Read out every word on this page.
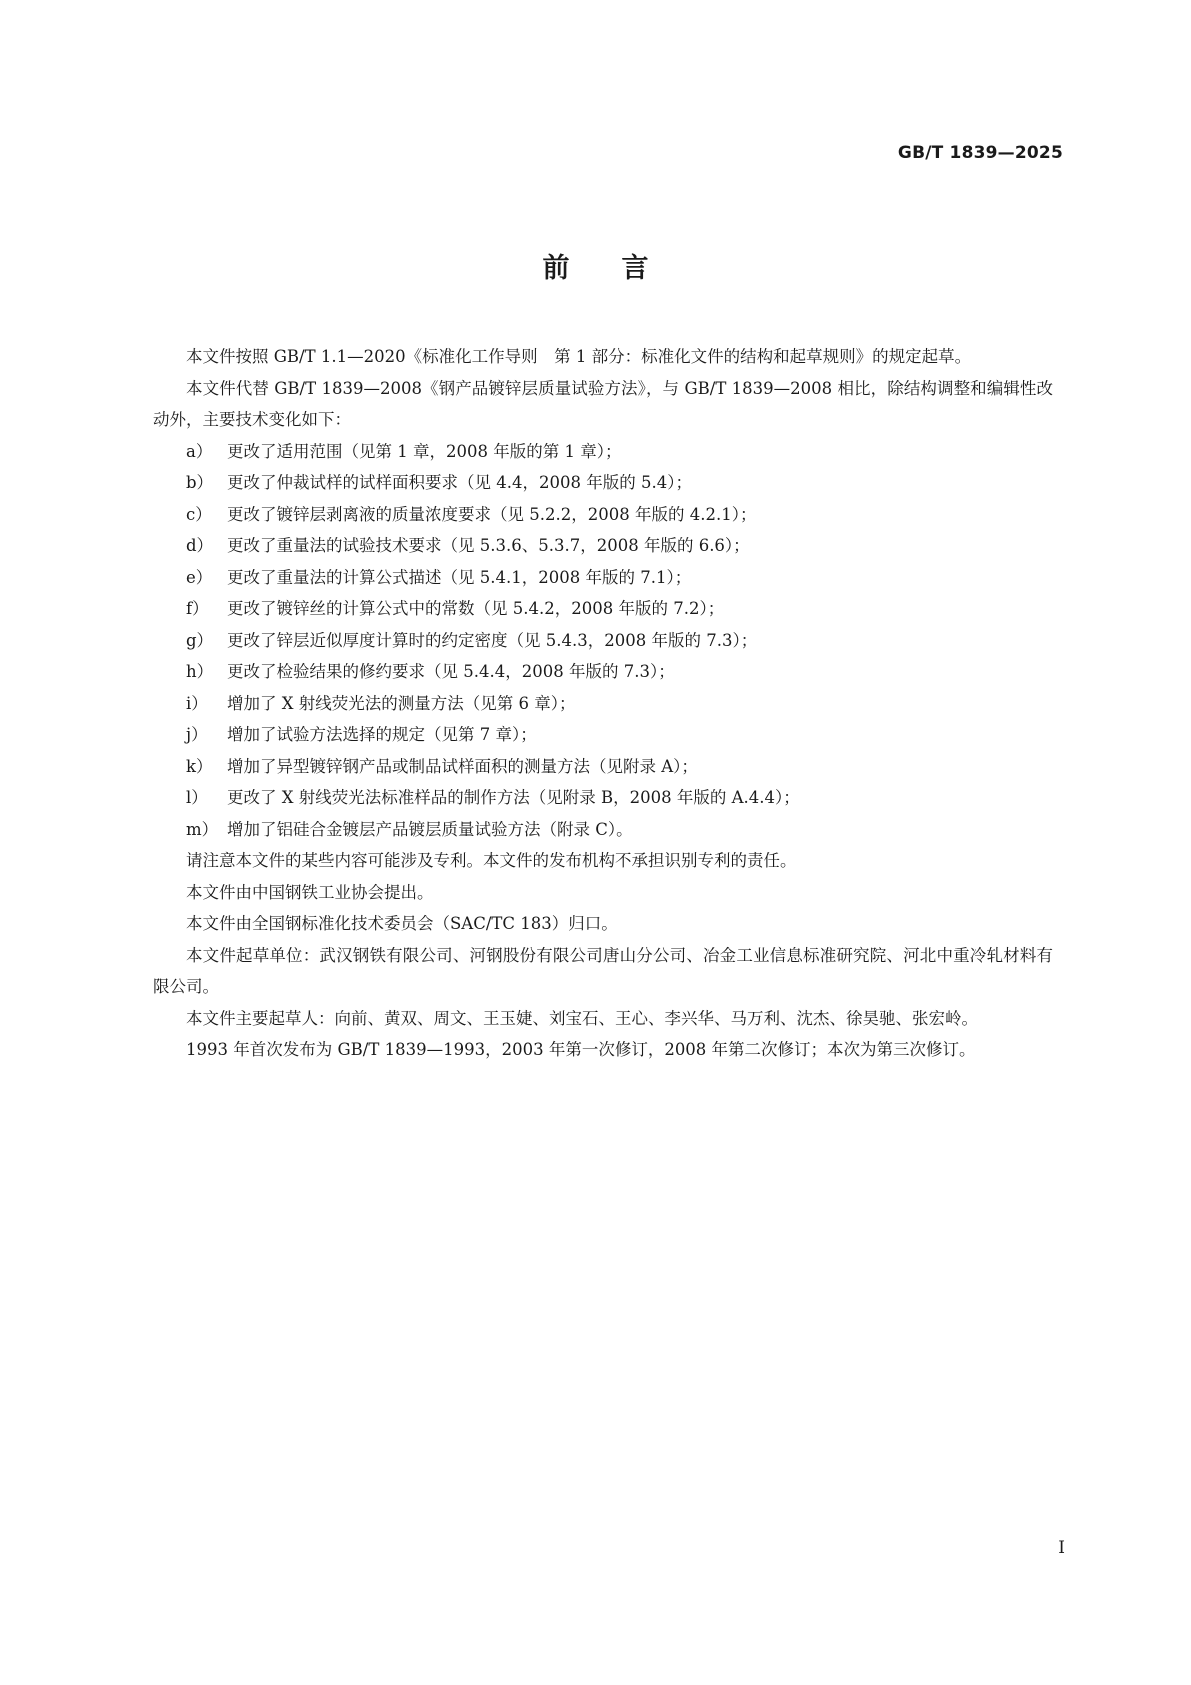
GB/T 1839—2025

前言

本文件按照 GB/T 1.1—2020《标准化工作导则　第 1 部分：标准化文件的结构和起草规则》的规定起草。

本文件代替 GB/T 1839—2008《钢产品镀锌层质量试验方法》，与 GB/T 1839—2008 相比，除结构调整和编辑性改动外，主要技术变化如下：

a） 更改了适用范围（见第 1 章，2008 年版的第 1 章）；
b） 更改了仲裁试样的试样面积要求（见 4.4，2008 年版的 5.4）；
c） 更改了镀锌层剥离液的质量浓度要求（见 5.2.2，2008 年版的 4.2.1）；
d） 更改了重量法的试验技术要求（见 5.3.6、5.3.7，2008 年版的 6.6）；
e） 更改了重量法的计算公式描述（见 5.4.1，2008 年版的 7.1）；
f）	更改了镀锌丝的计算公式中的常数（见 5.4.2，2008 年版的 7.2）；
g） 更改了锌层近似厚度计算时的约定密度（见 5.4.3，2008 年版的 7.3）；
h） 更改了检验结果的修约要求（见 5.4.4，2008 年版的 7.3）；
i）	增加了 X 射线荧光法的测量方法（见第 6 章）；
j）	增加了试验方法选择的规定（见第 7 章）；
k） 增加了异型镀锌钢产品或制品试样面积的测量方法（见附录 A）；
l）	更改了 X 射线荧光法标准样品的制作方法（见附录 B，2008 年版的 A.4.4）；
m） 增加了铝硅合金镀层产品镀层质量试验方法（附录 C）。

请注意本文件的某些内容可能涉及专利。本文件的发布机构不承担识别专利的责任。

本文件由中国钢铁工业协会提出。

本文件由全国钢标准化技术委员会（SAC/TC 183）归口。

本文件起草单位：武汉钢铁有限公司、河钢股份有限公司唐山分公司、冶金工业信息标准研究院、河北中重冷轧材料有限公司。

本文件主要起草人：向前、黄双、周文、王玉婕、刘宝石、王心、李兴华、马万利、沈杰、徐昊驰、张宏岭。

1993 年首次发布为 GB/T 1839—1993，2003 年第一次修订，2008 年第二次修订；本次为第三次修订。

I
